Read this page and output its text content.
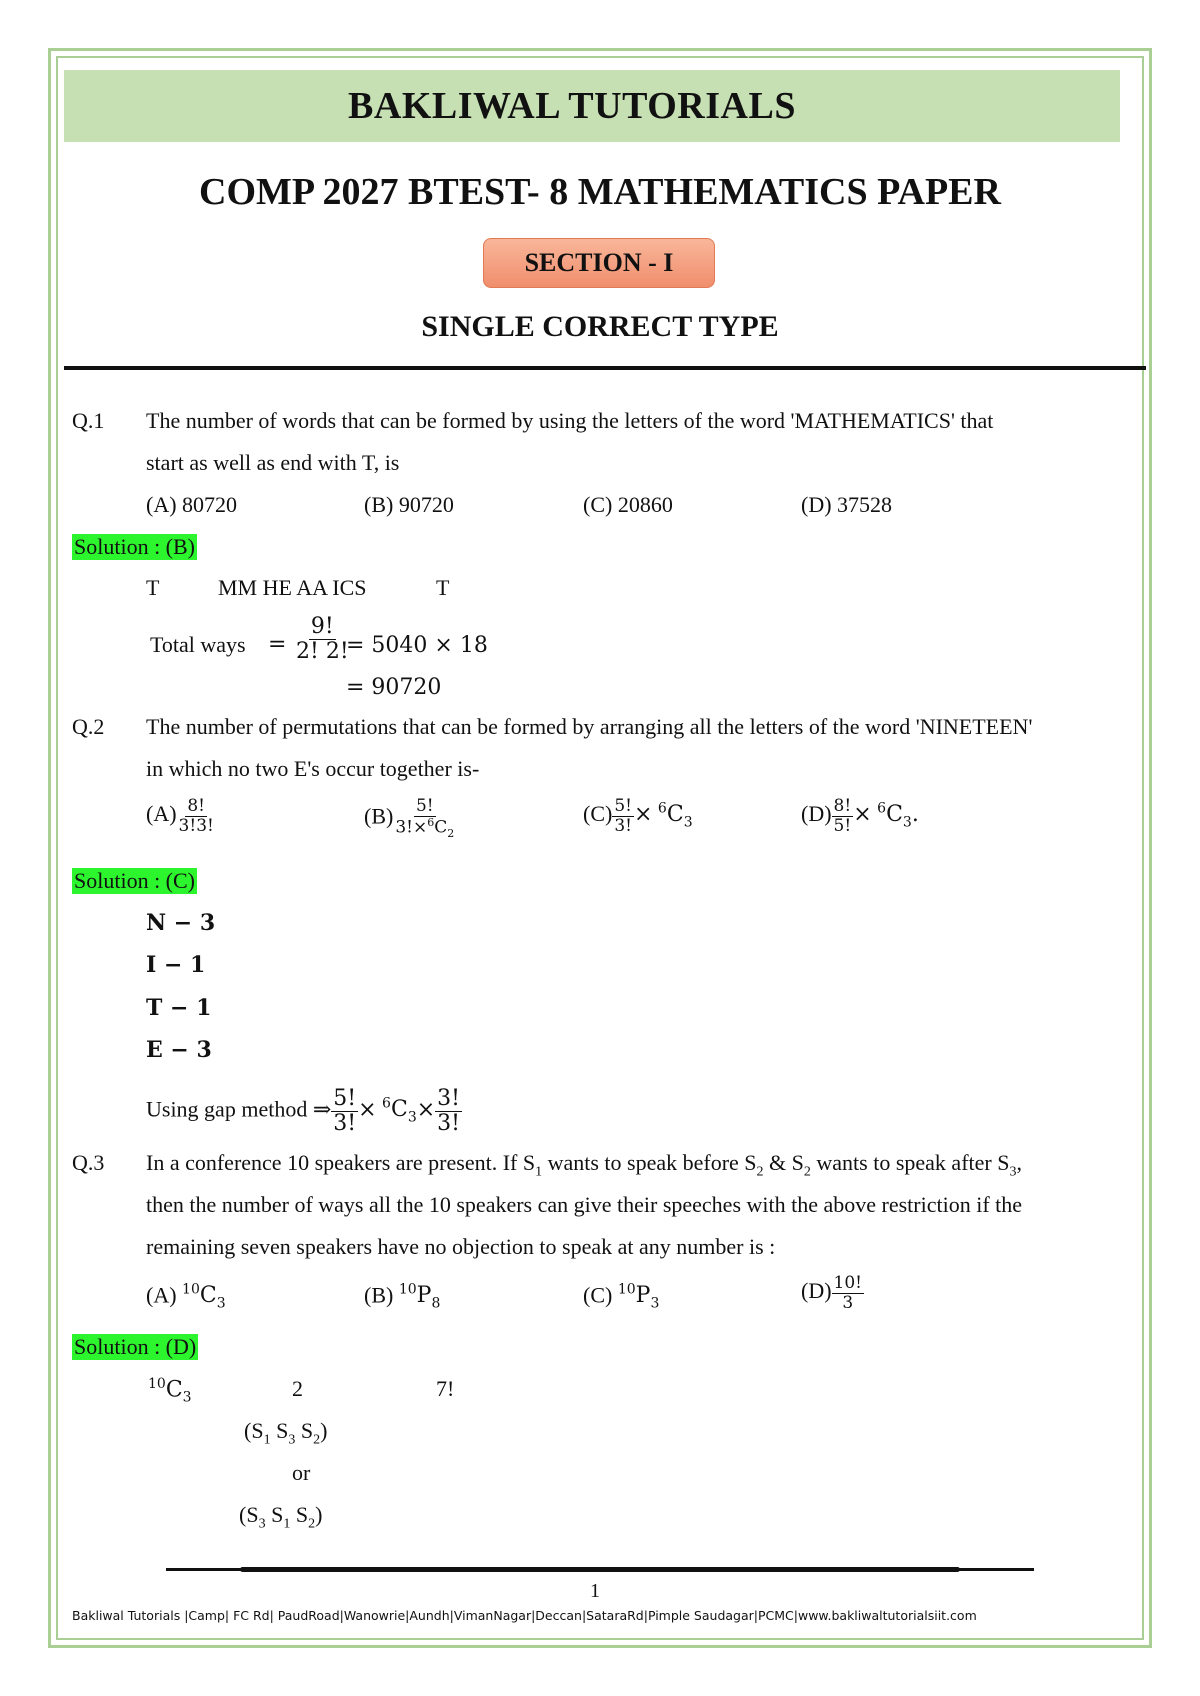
BAKLIWAL TUTORIALS
COMP 2027 BTEST- 8 MATHEMATICS PAPER
SECTION - I
SINGLE CORRECT TYPE
Q.1 The number of words that can be formed by using the letters of the word 'MATHEMATICS' that
start as well as end with T, is
(A) 80720	(B) 90720	(C) 20860	(D) 37528
Solution : (B)
T	MM HE AA ICS	T
Total ways = $\frac{9!}{2! 2!}$
= 5040 × 18
= 90720
Q.2 The number of permutations that can be formed by arranging all the letters of the word 'NINETEEN'
in which no two E's occur together is-
$(A) \frac{8!}{3!3!}$	$(B) \frac{5!}{3!\times^6C_2}$	$(C) \frac{5!}{3!} \times ^6C_3$	$(D) \frac{8!}{5!} \times ^6C_3$.
Solution : (C)
N − 3
I − 1
T − 1
E − 3
Using gap method ⇒ $\frac{5!}{3!} \times ^6C_3\times \frac{3!}{3!}$
Q.3 In a conference 10 speakers are present. If $S_1$ wants to speak before $S_2$ & $S_2$ wants to speak after $S_3$,
then the number of ways all the 10 speakers can give their speeches with the above restriction if the
remaining seven speakers have no objection to speak at any number is :
(A) $^{10}C_3$	(B) $^{10}P_8$	(C) $^{10}P_3$
$(D) \frac{10!}{3}$
Solution : (D)
$^{10}C_3$	2	7!
($S_1$ $S_3$ $S_2$)
or
($S_3$ $S_1$ $S_2$)
1
Bakliwal Tutorials |Camp| FC Rd| PaudRoad|Wanowrie|Aundh|VimanNagar|Deccan|SataraRd|Pimple Saudagar|PCMC|www.bakliwaltutorialsiit.com
